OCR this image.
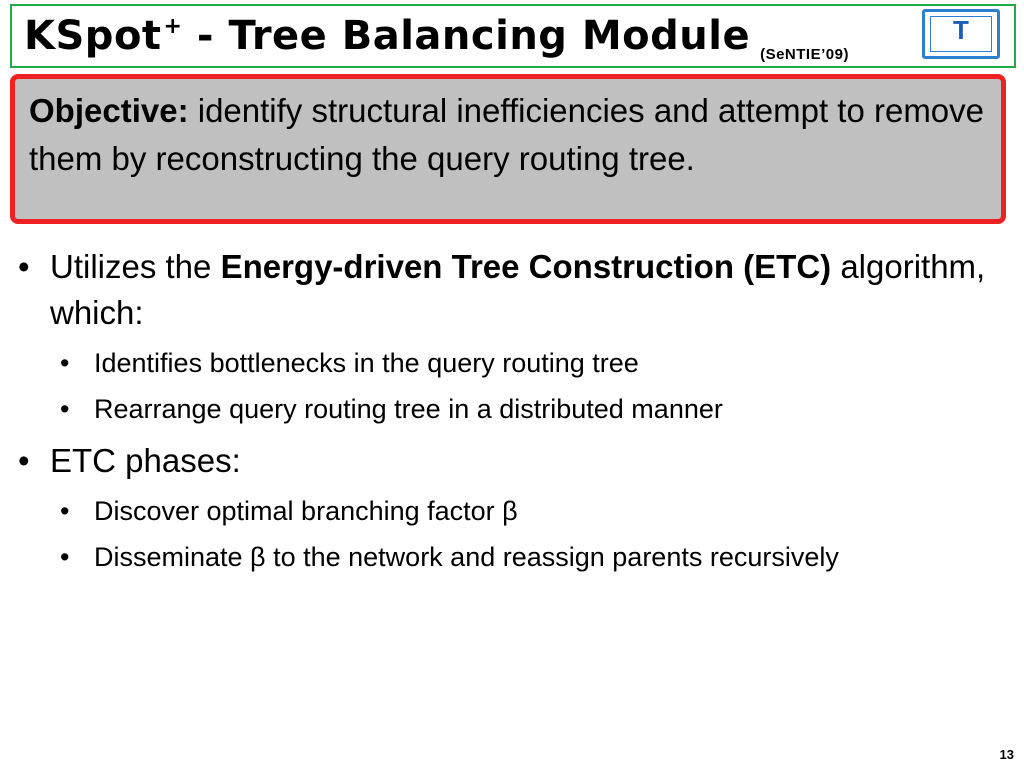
KSpot+ - Tree Balancing Module $_{(SeNTIE’09)}$
T
Objective: identify structural inefficiencies and attempt to remove them by reconstructing the query routing tree.
• Utilizes the Energy-driven Tree Construction (ETC) algorithm, which:
• Identifies bottlenecks in the query routing tree
• Rearrange query routing tree in a distributed manner
• ETC phases:
• Discover optimal branching factor β
• Disseminate β to the network and reassign parents recursively
13
